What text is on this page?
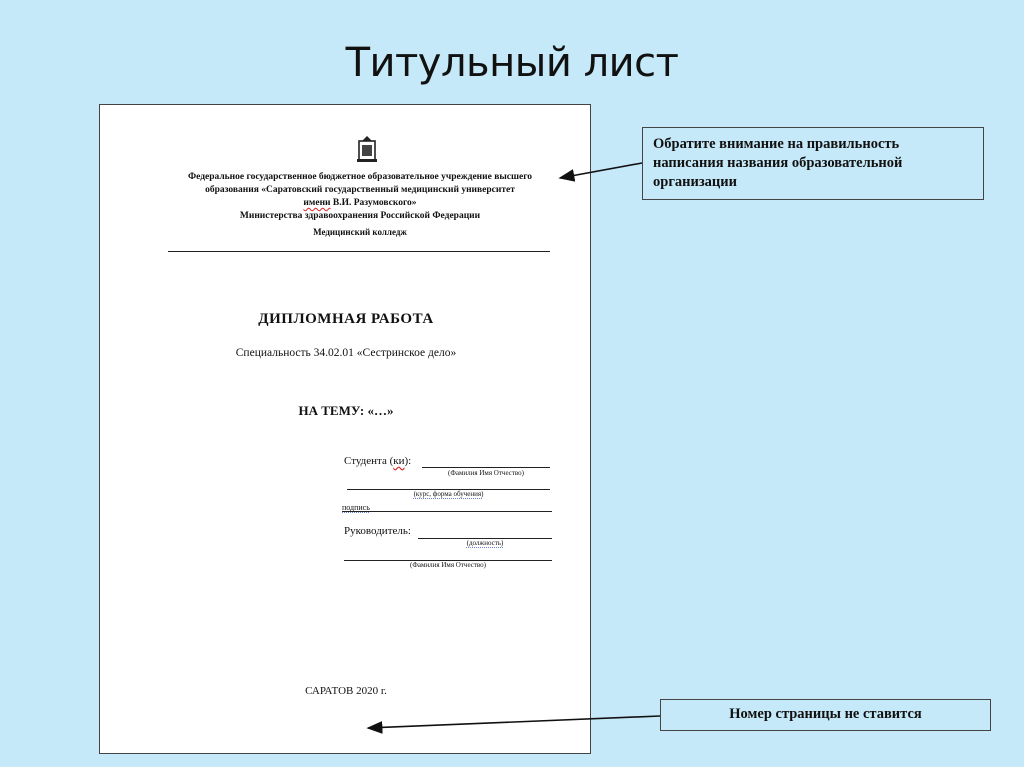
Титульный лист
Федеральное государственное бюджетное образовательное учреждение высшего
образования «Саратовский государственный медицинский университет
имени В.И. Разумовского»
Министерства здравоохранения Российской Федерации
Медицинский колледж
ДИПЛОМНАЯ РАБОТА
Специальность 34.02.01 «Сестринское дело»
НА ТЕМУ: «…»
Студента (ки):
(Фамилия Имя Отчество)
(курс, форма обучения)
подпись
Руководитель:
(должность)
(Фамилия Имя Отчество)
САРАТОВ 2020 г.
Обратите внимание на правильность написания названия образовательной организации
Номер страницы не ставится
